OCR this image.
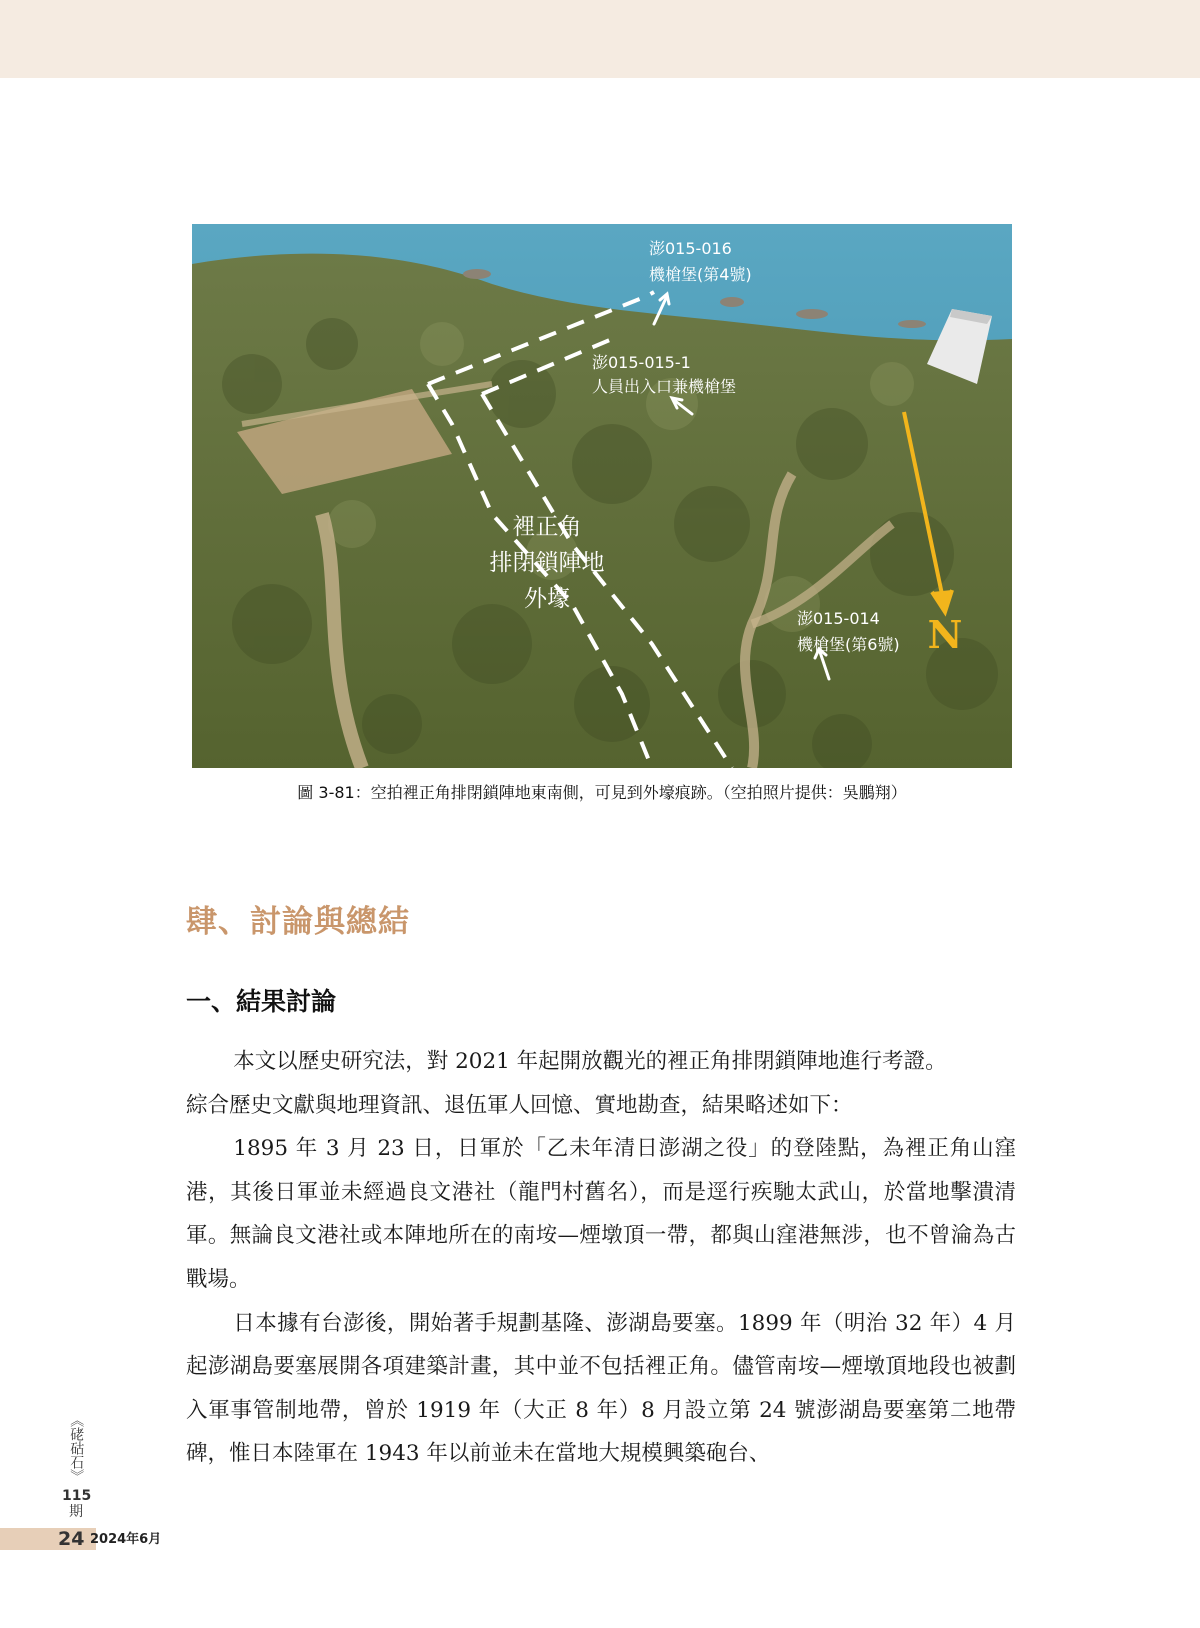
澎015-016
機槍堡(第4號)
澎015-015-1
人員出入口兼機槍堡
裡正角
排閉鎖陣地
外壕
澎015-014
機槍堡(第6號) N
圖 3-81：空拍裡正角排閉鎖陣地東南側，可見到外壕痕跡。（空拍照片提供：吳鵬翔）
肆、討論與總結
一、結果討論

本文以歷史研究法，對 2021 年起開放觀光的裡正角排閉鎖陣地進行考證。

綜合歷史文獻與地理資訊、退伍軍人回憶、實地勘查，結果略述如下：

1895 年 3 月 23 日，日軍於「乙未年清日澎湖之役」的登陸點，為裡正角山窪港，其後日軍並未經過良文港社（龍門村舊名），而是逕行疾馳太武山，於當地擊潰清軍。無論良文港社或本陣地所在的南垵—煙墩頂一帶，都與山窪港無涉，也不曾淪為古戰場。

日本據有台澎後，開始著手規劃基隆、澎湖島要塞。1899 年（明治 32 年）4 月起澎湖島要塞展開各項建築計畫，其中並不包括裡正角。儘管南垵—煙墩頂地段也被劃入軍事管制地帶，曾於 1919 年（大正 8 年）8 月設立第 24 號澎湖島要塞第二地帶碑，惟日本陸軍在 1943 年以前並未在當地大規模興築砲台、

《硓𥑮石》
115
期
24 2024年6月
